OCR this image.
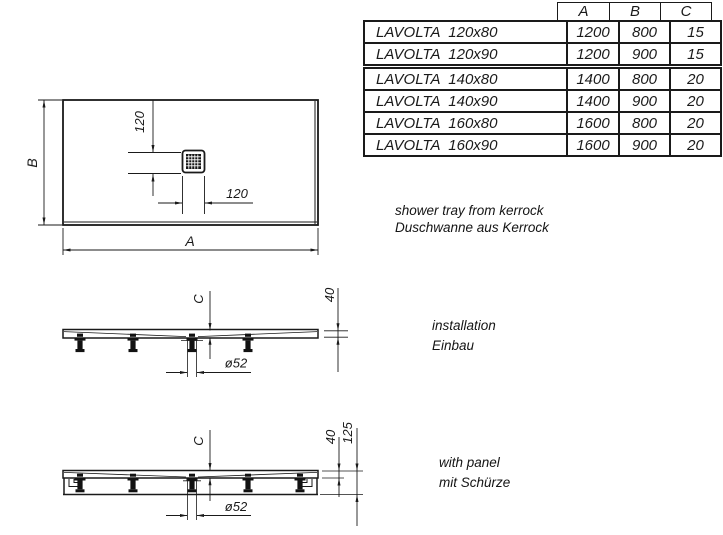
B
A
120
120
A	B	C
LAVOLTA  120x80	1200	800	15
LAVOLTA  120x90	1200	900	15
LAVOLTA  140x80	1400	800	20
LAVOLTA  140x90	1400	900	20
LAVOLTA  160x80	1600	800	20
LAVOLTA  160x90	1600	900	20
shower tray from kerrock
Duschwanne aus Kerrock
installation
Einbau
with panel
mit Schürze
C	40
ø52
C	40 125
ø52
